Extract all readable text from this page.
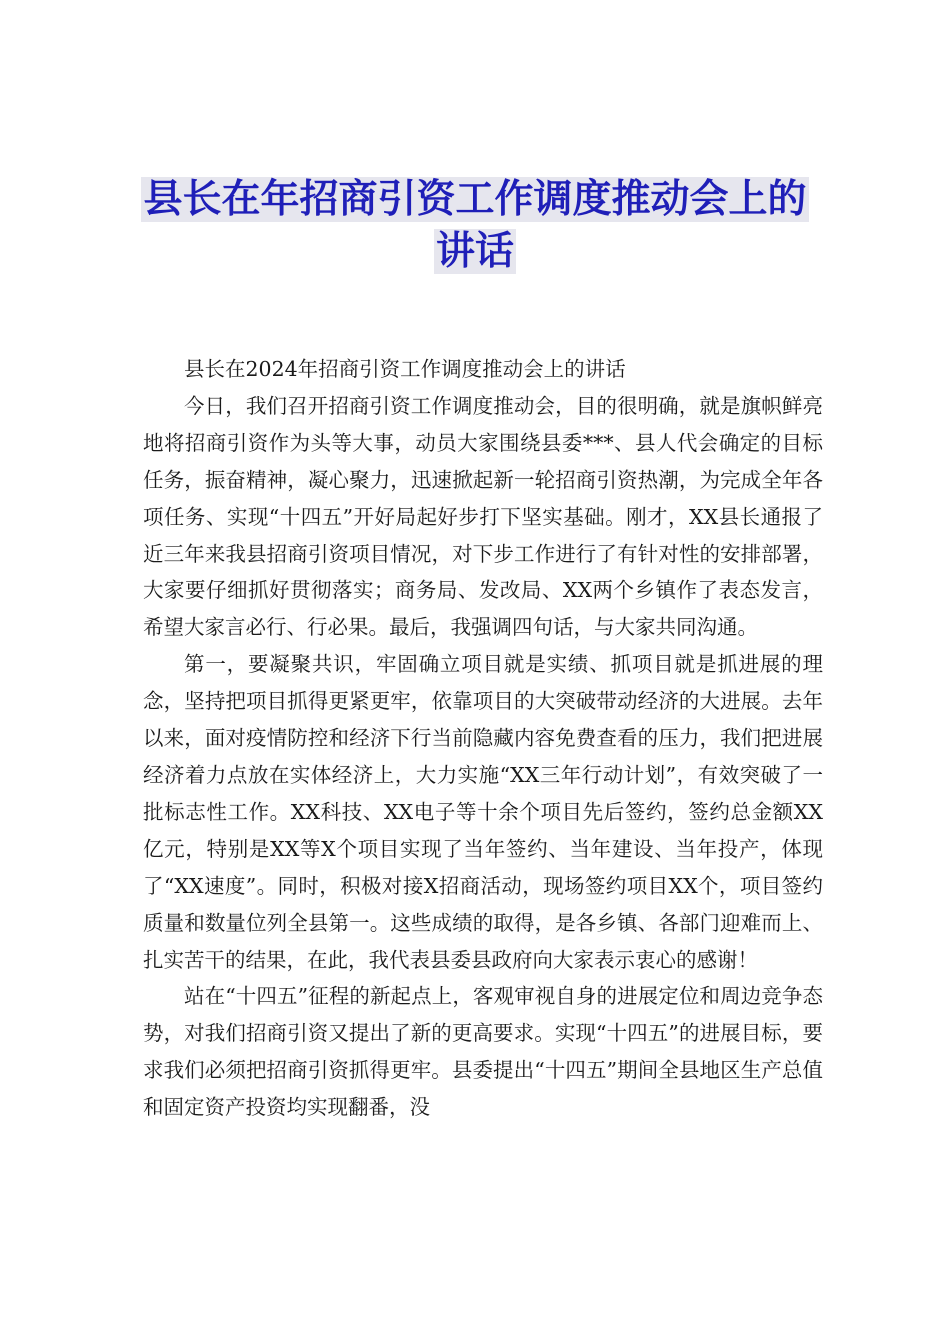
县长在年招商引资工作调度推动会上的
讲话

县长在2024年招商引资工作调度推动会上的讲话

今日，我们召开招商引资工作调度推动会，目的很明确，就是旗帜鲜亮地将招商引资作为头等大事，动员大家围绕县委***、县人代会确定的目标任务，振奋精神，凝心聚力，迅速掀起新一轮招商引资热潮，为完成全年各项任务、实现“十四五”开好局起好步打下坚实基础。刚才，XX县长通报了近三年来我县招商引资项目情况，对下步工作进行了有针对性的安排部署，大家要仔细抓好贯彻落实；商务局、发改局、XX两个乡镇作了表态发言，希望大家言必行、行必果。最后，我强调四句话，与大家共同沟通。

第一，要凝聚共识，牢固确立项目就是实绩、抓项目就是抓进展的理念，坚持把项目抓得更紧更牢，依靠项目的大突破带动经济的大进展。去年以来，面对疫情防控和经济下行当前隐藏内容免费查看的压力，我们把进展经济着力点放在实体经济上，大力实施“XX三年行动计划”，有效突破了一批标志性工作。XX科技、XX电子等十余个项目先后签约，签约总金额XX亿元，特别是XX等X个项目实现了当年签约、当年建设、当年投产，体现了“XX速度”。同时，积极对接X招商活动，现场签约项目XX个，项目签约质量和数量位列全县第一。这些成绩的取得，是各乡镇、各部门迎难而上、扎实苦干的结果，在此，我代表县委县政府向大家表示衷心的感谢！

站在“十四五”征程的新起点上，客观审视自身的进展定位和周边竞争态势，对我们招商引资又提出了新的更高要求。实现“十四五”的进展目标，要求我们必须把招商引资抓得更牢。县委提出“十四五”期间全县地区生产总值和固定资产投资均实现翻番，没
